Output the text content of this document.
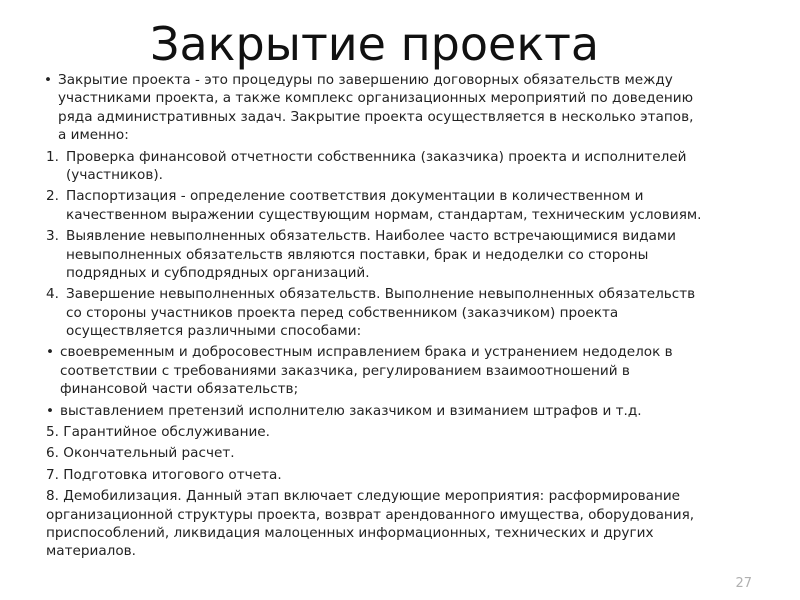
Закрытие проекта
• Закрытие проекта - это процедуры по завершению договорных обязательств между
участниками проекта, а также комплекс организационных мероприятий по доведению
ряда административных задач. Закрытие проекта осуществляется в несколько этапов,
а именно:
1. Проверка финансовой отчетности собственника (заказчика) проекта и исполнителей
(участников).
2. Паспортизация - определение соответствия документации в количественном и
качественном выражении существующим нормам, стандартам, техническим условиям.
3. Выявление невыполненных обязательств. Наиболее часто встречающимися видами
невыполненных обязательств являются поставки, брак и недоделки со стороны
подрядных и субподрядных организаций.
4. Завершение невыполненных обязательств. Выполнение невыполненных обязательств
со стороны участников проекта перед собственником (заказчиком) проекта
осуществляется различными способами:
• своевременным и добросовестным исправлением брака и устранением недоделок в
соответствии с требованиями заказчика, регулированием взаимоотношений в
финансовой части обязательств;
• выставлением претензий исполнителю заказчиком и взиманием штрафов и т.д.
5. Гарантийное обслуживание.
6. Окончательный расчет.
7. Подготовка итогового отчета.
8. Демобилизация. Данный этап включает следующие мероприятия: расформирование
организационной структуры проекта, возврат арендованного имущества, оборудования,
приспособлений, ликвидация малоценных информационных, технических и других
материалов.
27
